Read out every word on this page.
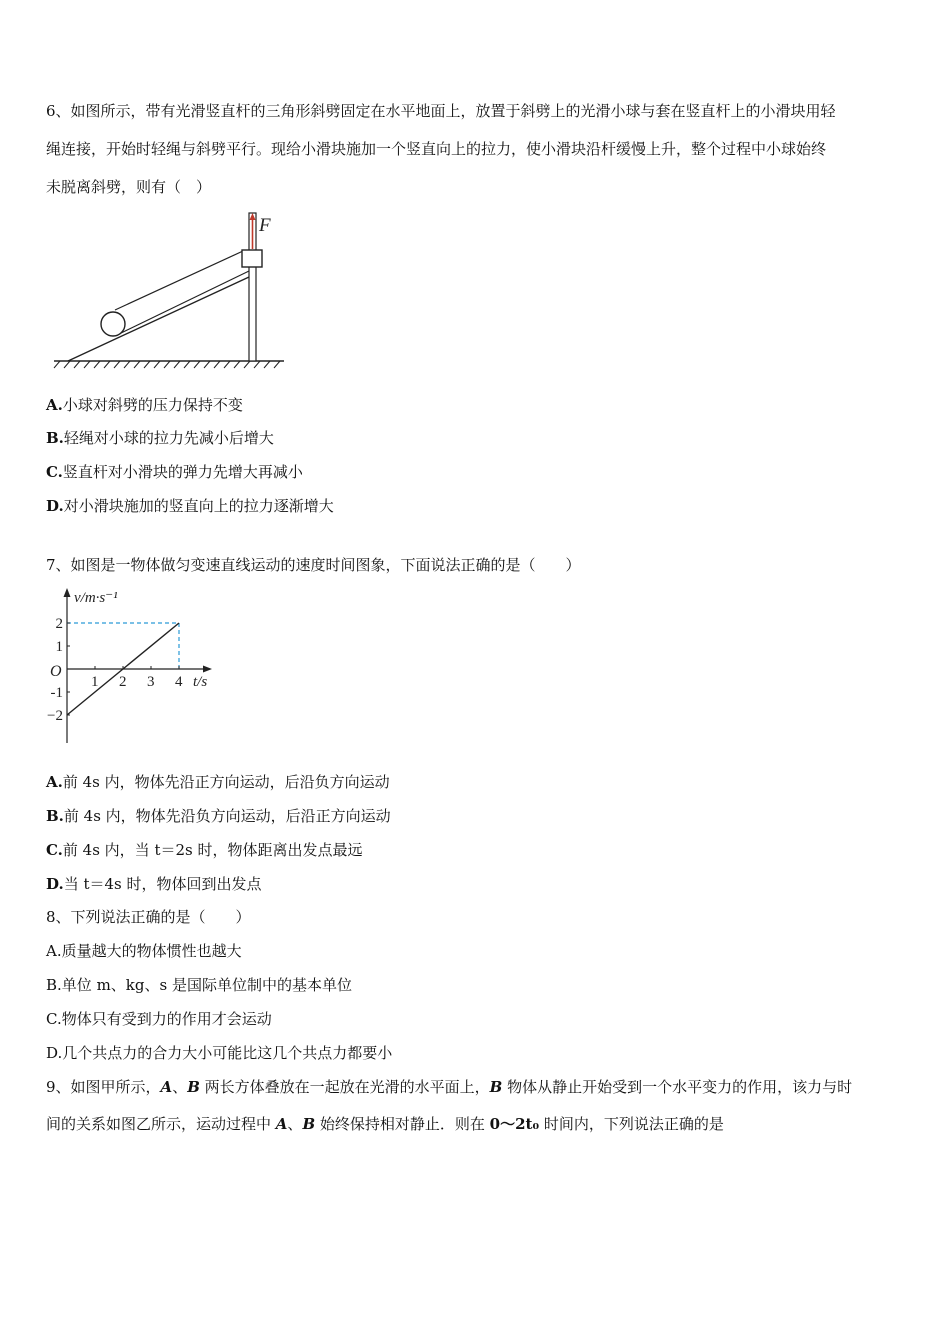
6、如图所示，带有光滑竖直杆的三角形斜劈固定在水平地面上，放置于斜劈上的光滑小球与套在竖直杆上的小滑块用轻
绳连接，开始时轻绳与斜劈平行。现给小滑块施加一个竖直向上的拉力，使小滑块沿杆缓慢上升，整个过程中小球始终
未脱离斜劈，则有（　）
F
A.小球对斜劈的压力保持不变
B.轻绳对小球的拉力先减小后增大
C.竖直杆对小滑块的弹力先增大再减小
D.对小滑块施加的竖直向上的拉力逐渐增大
7、如图是一物体做匀变速直线运动的速度时间图象，下面说法正确的是（　　）
v/m·s⁻¹
t/s
O
1 2 3 4
2
1
-1
−2
A.前 4s 内，物体先沿正方向运动，后沿负方向运动
B.前 4s 内，物体先沿负方向运动，后沿正方向运动
C.前 4s 内，当 t＝2s 时，物体距离出发点最远
D.当 t＝4s 时，物体回到出发点
8、下列说法正确的是（　　）
A.质量越大的物体惯性也越大
B.单位 m、kg、s 是国际单位制中的基本单位
C.物体只有受到力的作用才会运动
D.几个共点力的合力大小可能比这几个共点力都要小
9、如图甲所示，A、B 两长方体叠放在一起放在光滑的水平面上，B 物体从静止开始受到一个水平变力的作用，该力与时
间的关系如图乙所示，运动过程中 A、B 始终保持相对静止．则在 0～2t₀ 时间内，下列说法正确的是
